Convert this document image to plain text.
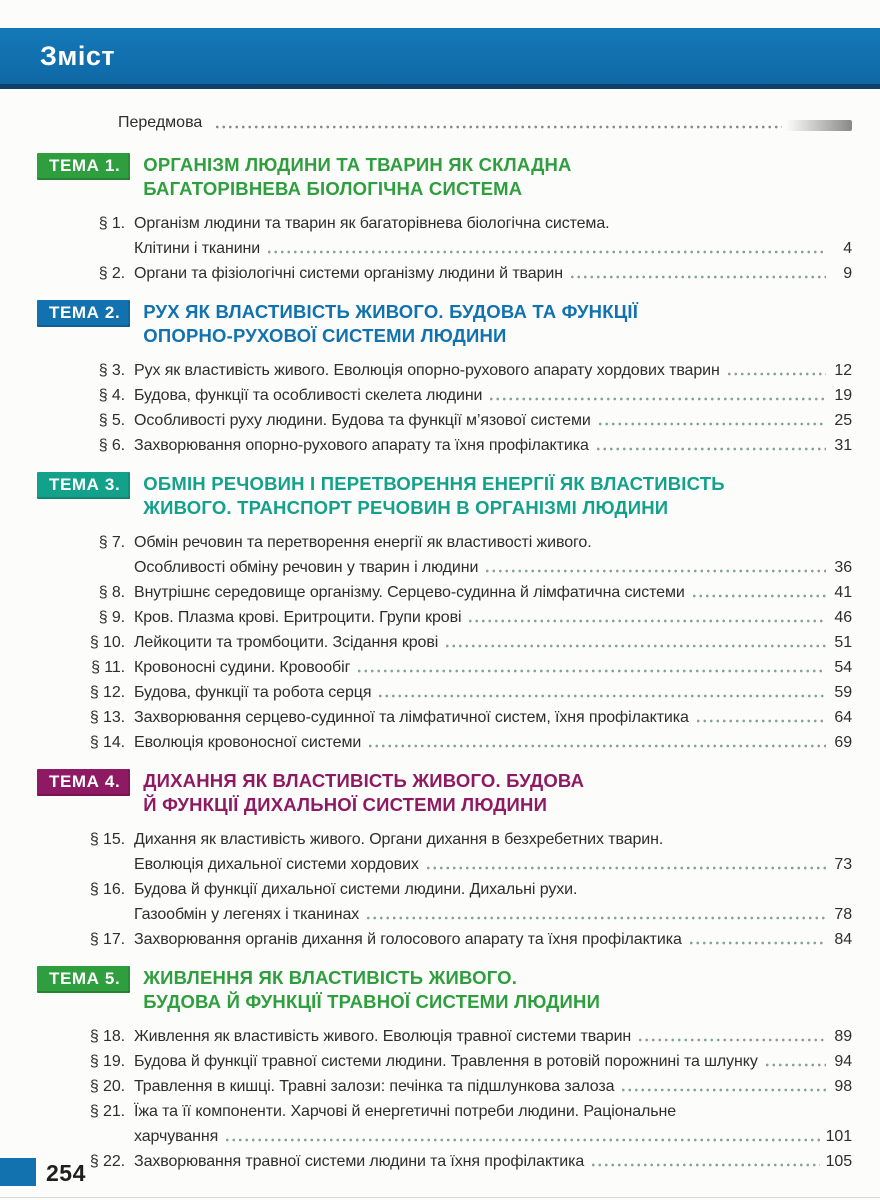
Зміст
Передмова
ТЕМА 1.	ОРГАНІЗМ ЛЮДИНИ ТА ТВАРИН ЯК СКЛАДНА
БАГАТОРІВНЕВА БІОЛОГІЧНА СИСТЕМА
§ 1. Організм людини та тварин як багаторівнева біологічна система.
Клітини і тканини	4
§ 2. Органи та фізіологічні системи організму людини й тварин	9
ТЕМА 2.	РУХ ЯК ВЛАСТИВІСТЬ ЖИВОГО. БУДОВА ТА ФУНКЦІЇ
ОПОРНО-РУХОВОЇ СИСТЕМИ ЛЮДИНИ
§ 3. Рух як властивість живого. Еволюція опорно-рухового апарату хордових тварин	12
§ 4. Будова, функції та особливості скелета людини	19
§ 5. Особливості руху людини. Будова та функції м’язової системи	25
§ 6. Захворювання опорно-рухового апарату та їхня профілактика	31
ТЕМА 3.	ОБМІН РЕЧОВИН І ПЕРЕТВОРЕННЯ ЕНЕРГІЇ ЯК ВЛАСТИВІСТЬ
ЖИВОГО. ТРАНСПОРТ РЕЧОВИН В ОРГАНІЗМІ ЛЮДИНИ
§ 7. Обмін речовин та перетворення енергії як властивості живого.
Особливості обміну речовин у тварин і людини	36
§ 8. Внутрішнє середовище організму. Серцево-судинна й лімфатична системи	41
§ 9. Кров. Плазма крові. Еритроцити. Групи крові	46
§ 10. Лейкоцити та тромбоцити. Зсідання крові	51
§ 11. Кровоносні судини. Кровообіг	54
§ 12. Будова, функції та робота серця	59
§ 13. Захворювання серцево-судинної та лімфатичної систем, їхня профілактика	64
§ 14. Еволюція кровоносної системи	69
ТЕМА 4.	ДИХАННЯ ЯК ВЛАСТИВІСТЬ ЖИВОГО. БУДОВА
Й ФУНКЦІЇ ДИХАЛЬНОЇ СИСТЕМИ ЛЮДИНИ
§ 15. Дихання як властивість живого. Органи дихання в безхребетних тварин.
Еволюція дихальної системи хордових	73
§ 16. Будова й функції дихальної системи людини. Дихальні рухи.
Газообмін у легенях і тканинах	78
§ 17. Захворювання органів дихання й голосового апарату та їхня профілактика	84
ТЕМА 5.	ЖИВЛЕННЯ ЯК ВЛАСТИВІСТЬ ЖИВОГО.
БУДОВА Й ФУНКЦІЇ ТРАВНОЇ СИСТЕМИ ЛЮДИНИ
§ 18. Живлення як властивість живого. Еволюція травної системи тварин	89
§ 19. Будова й функції травної системи людини. Травлення в ротовій порожнині та шлунку	94
§ 20. Травлення в кишці. Травні залози: печінка та підшлункова залоза	98
§ 21. Їжа та її компоненти. Харчові й енергетичні потреби людини. Раціональне
харчування	101
§ 22. Захворювання травної системи людини та їхня профілактика	105
254
